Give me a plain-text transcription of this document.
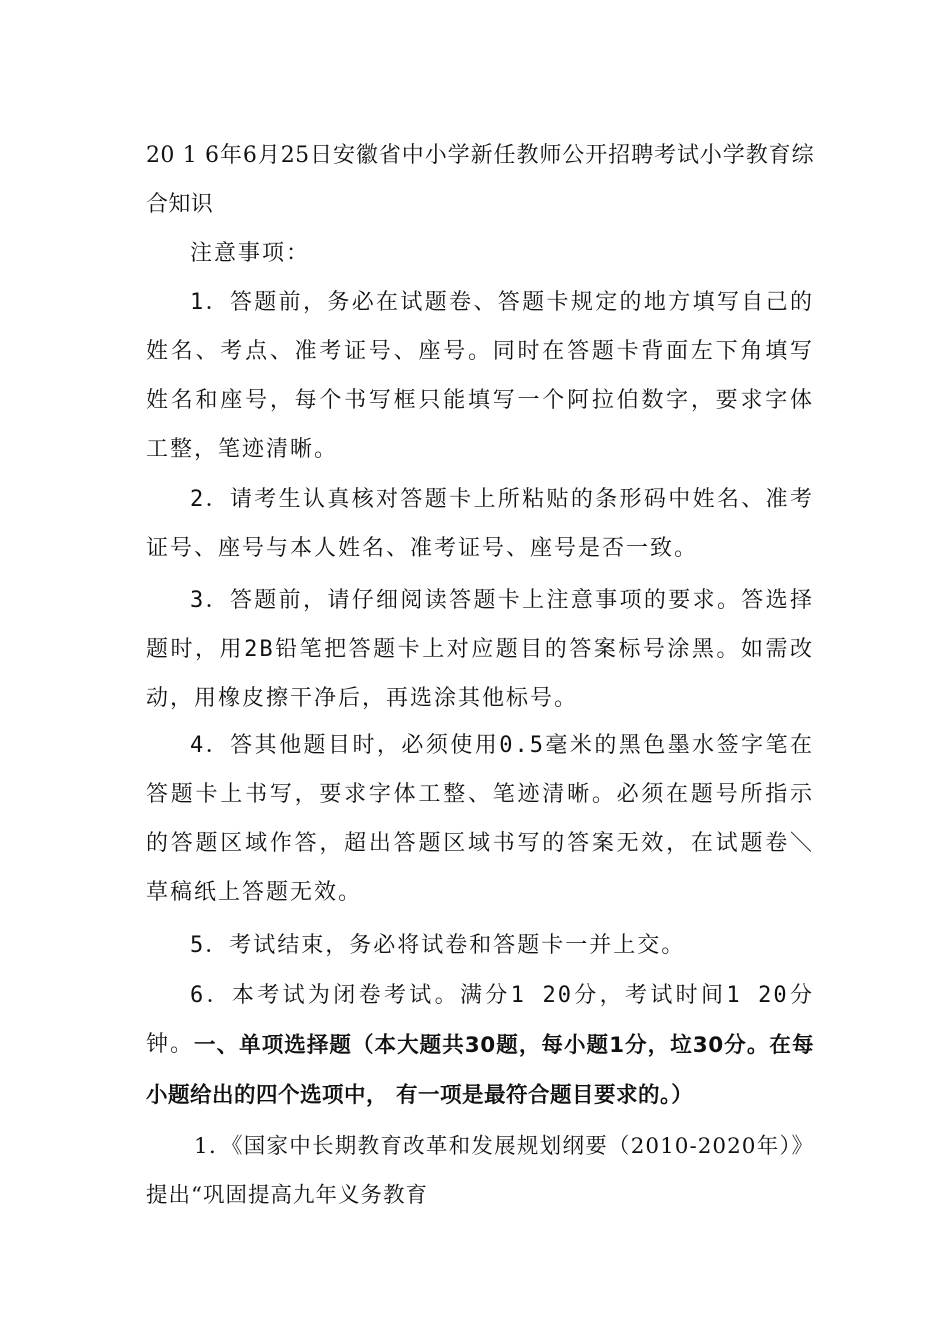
20 1 6年6月25日安徽省中小学新任教师公开招聘考试小学教育综合知识

注意事项：

1．答题前，务必在试题卷、答题卡规定的地方填写自己的姓名、考点、准考证号、座号。同时在答题卡背面左下角填写姓名和座号，每个书写框只能填写一个阿拉伯数字，要求字体工整，笔迹清晰。

2．请考生认真核对答题卡上所粘贴的条形码中姓名、准考证号、座号与本人姓名、准考证号、座号是否一致。

3．答题前，请仔细阅读答题卡上注意事项的要求。答选择题时，用2B铅笔把答题卡上对应题目的答案标号涂黑。如需改动，用橡皮擦干净后，再选涂其他标号。

4．答其他题目时，必须使用0.5毫米的黑色墨水签字笔在答题卡上书写，要求字体工整、笔迹清晰。必须在题号所指示的答题区域作答，超出答题区域书写的答案无效，在试题卷＼草稿纸上答题无效。

5．考试结束，务必将试卷和答题卡一并上交。

6．本考试为闭卷考试。满分1 20分，考试时间1 20分钟。 一、单项选择题（本大题共30题，每小题1分，垃30分。在每小题给出的四个选项中， 有一项是最符合题目要求的。）

1．《国家中长期教育改革和发展规划纲要（2010-2020年）》提出“巩固提高九年义务教育
